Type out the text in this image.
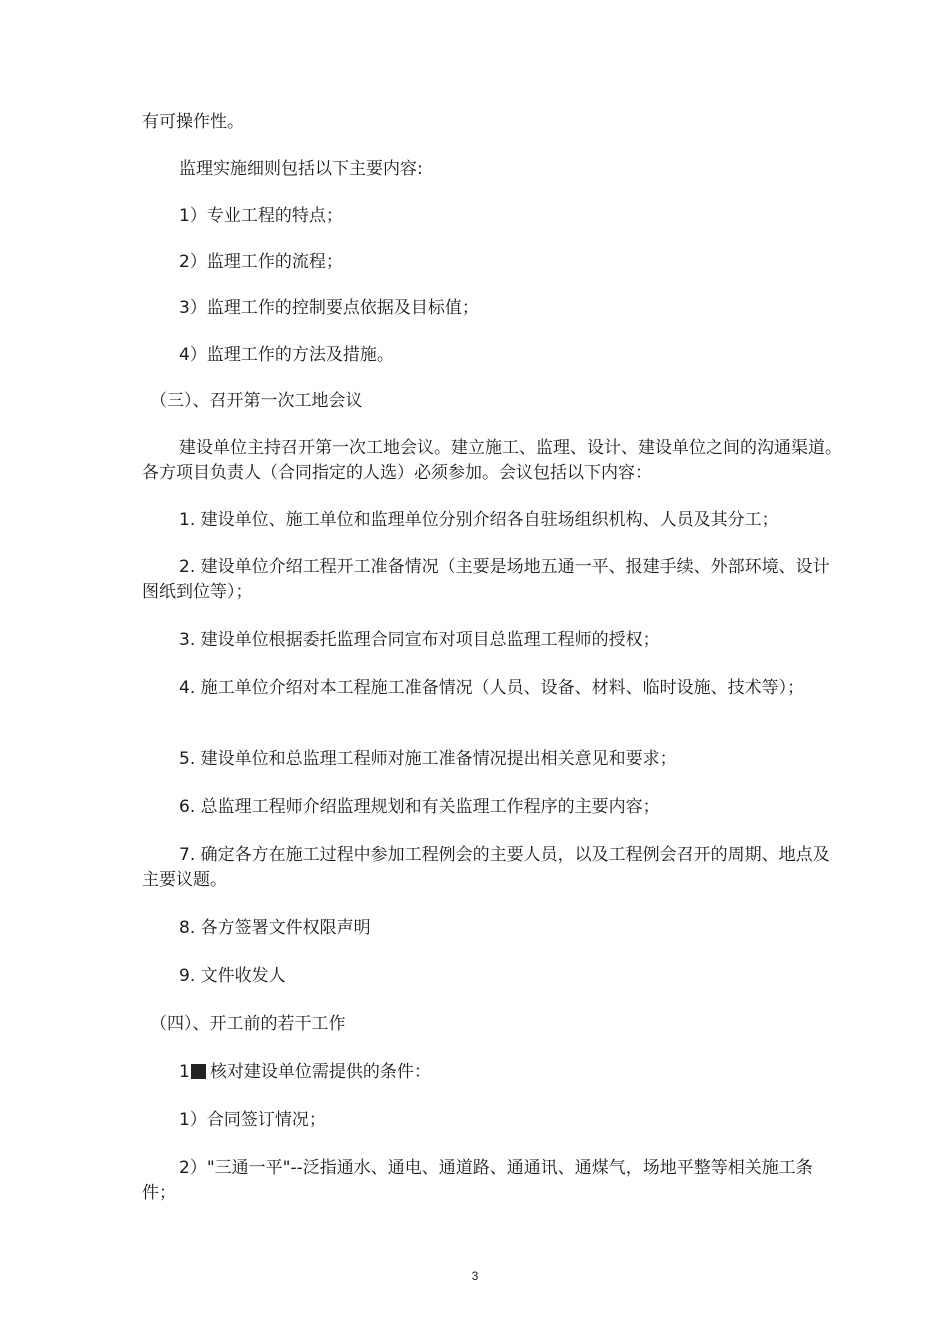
有可操作性。

监理实施细则包括以下主要内容:

1）专业工程的特点；

2）监理工作的流程；

3）监理工作的控制要点依据及目标值；

4）监理工作的方法及措施。

（三）、召开第一次工地会议

建设单位主持召开第一次工地会议。建立施工、监理、设计、建设单位之间的沟通渠道。各方项目负责人（合同指定的人选）必须参加。会议包括以下内容：

1. 建设单位、施工单位和监理单位分别介绍各自驻场组织机构、人员及其分工；

2. 建设单位介绍工程开工准备情况（主要是场地五通一平、报建手续、外部环境、设计图纸到位等）；

3. 建设单位根据委托监理合同宣布对项目总监理工程师的授权；

4. 施工单位介绍对本工程施工准备情况（人员、设备、材料、临时设施、技术等）；

5. 建设单位和总监理工程师对施工准备情况提出相关意见和要求；

6. 总监理工程师介绍监理规划和有关监理工作程序的主要内容；

7. 确定各方在施工过程中参加工程例会的主要人员，以及工程例会召开的周期、地点及主要议题。

8. 各方签署文件权限声明

9. 文件收发人

（四）、开工前的若干工作

1 核对建设单位需提供的条件：

1）合同签订情况；

2）"三通一平"--泛指通水、通电、通道路、通通讯、通煤气，场地平整等相关施工条件；

3
